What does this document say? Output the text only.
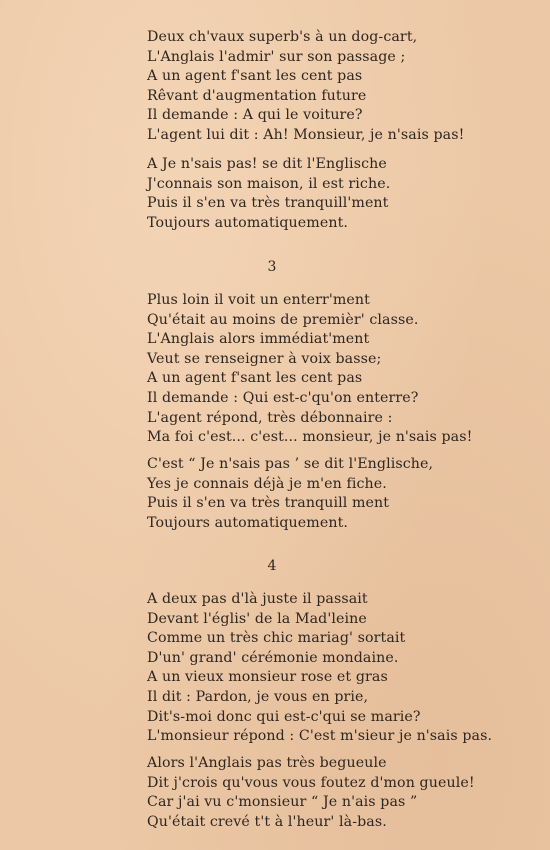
Deux ch'vaux superb's à un dog-cart,
L'Anglais l'admir' sur son passage ;
A un agent f'sant les cent pas
Rêvant d'augmentation future
Il demande : A qui le voiture?
L'agent lui dit : Ah! Monsieur, je n'sais pas!
A Je n'sais pas! se dit l'Englische
J'connais son maison, il est riche.
Puis il s'en va très tranquill'ment
Toujours automatiquement.
3
Plus loin il voit un enterr'ment
Qu'était au moins de premièr' classe.
L'Anglais alors immédiat'ment
Veut se renseigner à voix basse;
A un agent f'sant les cent pas
Il demande : Qui est-c'qu'on enterre?
L'agent répond, très débonnaire :
Ma foi c'est... c'est... monsieur, je n'sais pas!
C'est “ Je n'sais pas ’ se dit l'Englische,
Yes je connais déjà je m'en fiche.
Puis il s'en va très tranquill ment
Toujours automatiquement.
4
A deux pas d'là juste il passait
Devant l'églis' de la Mad'leine
Comme un très chic mariag' sortait
D'un' grand' cérémonie mondaine.
A un vieux monsieur rose et gras
Il dit : Pardon, je vous en prie,
Dit's-moi donc qui est-c'qui se marie?
L'monsieur répond : C'est m'sieur je n'sais pas.
Alors l'Anglais pas très begueule
Dit j'crois qu'vous vous foutez d'mon gueule!
Car j'ai vu c'monsieur “ Je n'ais pas ”
Qu'était crevé t't à l'heur' là-bas.
